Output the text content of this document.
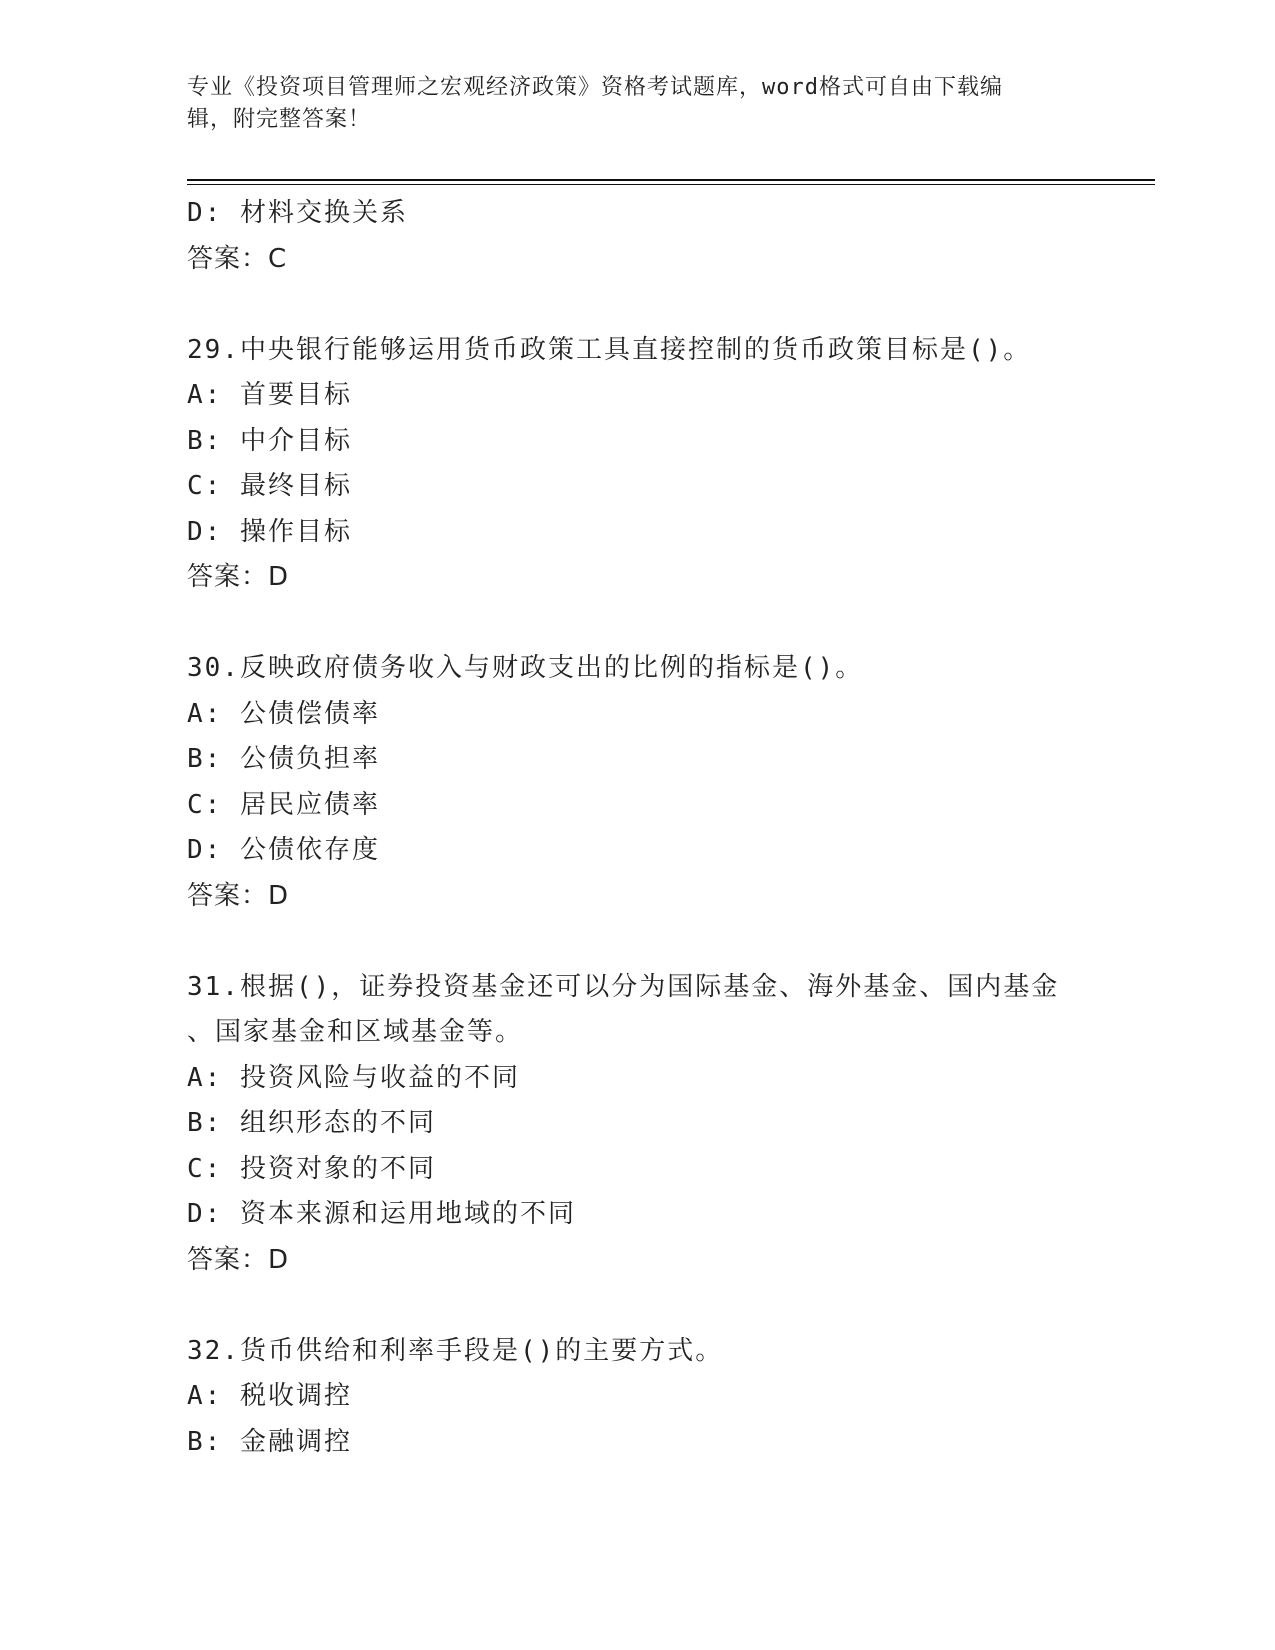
专业《投资项目管理师之宏观经济政策》资格考试题库，word格式可自由下载编
辑，附完整答案！
D: 材料交换关系
答案：C
29.中央银行能够运用货币政策工具直接控制的货币政策目标是()。
A: 首要目标
B: 中介目标
C: 最终目标
D: 操作目标
答案：D
30.反映政府债务收入与财政支出的比例的指标是()。
A: 公债偿债率
B: 公债负担率
C: 居民应债率
D: 公债依存度
答案：D
31.根据()，证券投资基金还可以分为国际基金、海外基金、国内基金
、国家基金和区域基金等。
A: 投资风险与收益的不同
B: 组织形态的不同
C: 投资对象的不同
D: 资本来源和运用地域的不同
答案：D
32.货币供给和利率手段是()的主要方式。
A: 税收调控
B: 金融调控
